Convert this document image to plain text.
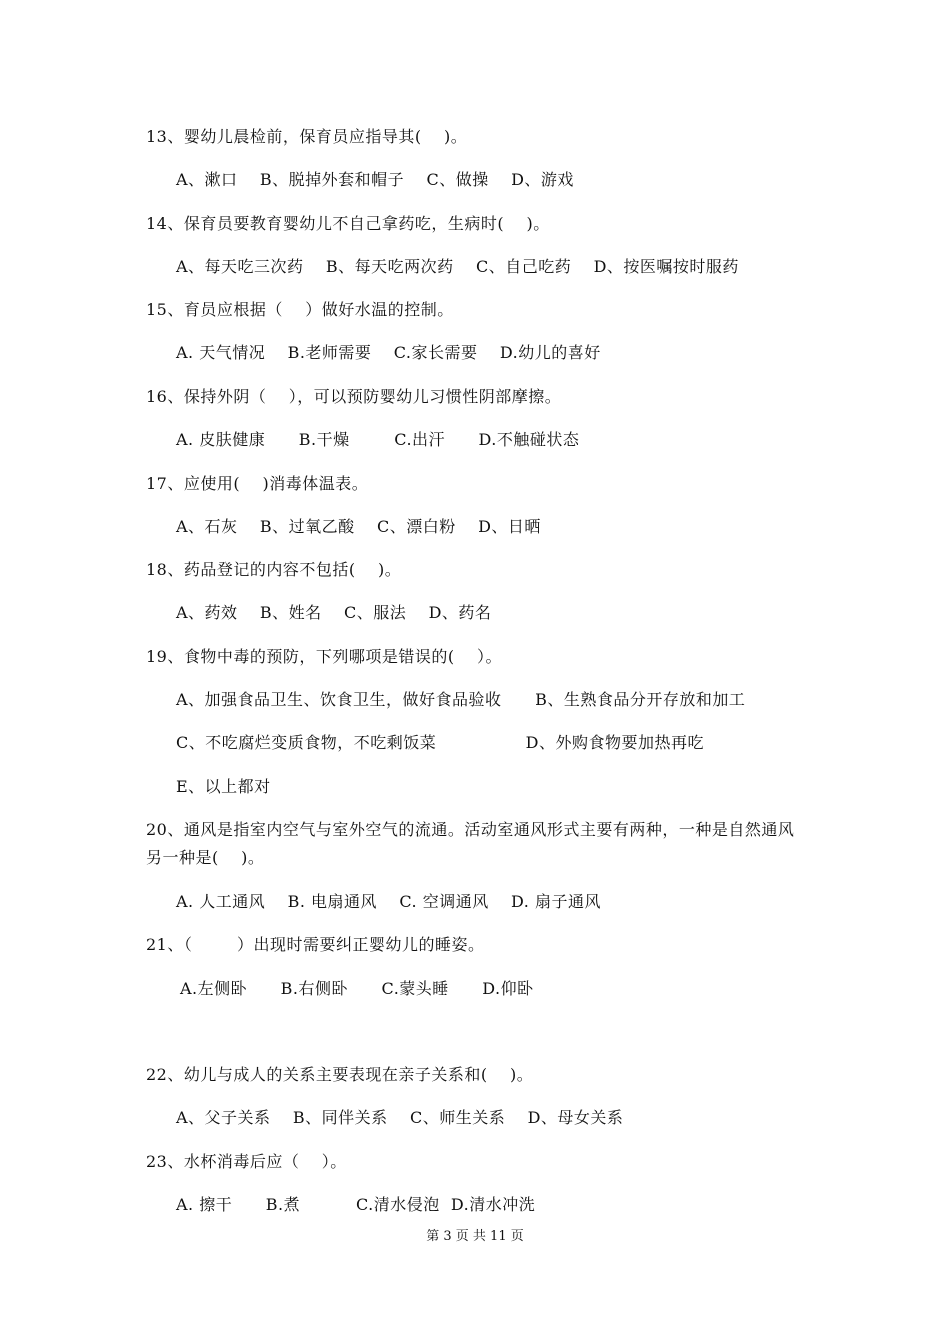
13、婴幼儿晨检前，保育员应指导其(    )。
A、漱口    B、脱掉外套和帽子    C、做操    D、游戏
14、保育员要教育婴幼儿不自己拿药吃，生病时(    )。
A、每天吃三次药    B、每天吃两次药    C、自己吃药    D、按医嘱按时服药
15、育员应根据（    ）做好水温的控制。
A. 天气情况    B.老师需要    C.家长需要    D.幼儿的喜好
16、保持外阴（    ），可以预防婴幼儿习惯性阴部摩擦。
A. 皮肤健康      B.干燥        C.出汗      D.不触碰状态
17、应使用(    )消毒体温表。
A、石灰    B、过氧乙酸    C、漂白粉    D、日晒
18、药品登记的内容不包括(    )。
A、药效    B、姓名    C、服法    D、药名
19、食物中毒的预防，下列哪项是错误的(    ）。
A、加强食品卫生、饮食卫生，做好食品验收      B、生熟食品分开存放和加工
C、不吃腐烂变质食物，不吃剩饭菜                D、外购食物要加热再吃
E、以上都对
20、通风是指室内空气与室外空气的流通。活动室通风形式主要有两种，一种是自然通风
另一种是(    )。
A. 人工通风    B. 电扇通风    C. 空调通风    D. 扇子通风
21、（        ）出现时需要纠正婴幼儿的睡姿。
A.左侧卧      B.右侧卧      C.蒙头睡      D.仰卧
22、幼儿与成人的关系主要表现在亲子关系和(    )。
A、父子关系    B、同伴关系    C、师生关系    D、母女关系
23、水杯消毒后应（    ）。
A. 擦干      B.煮          C.清水侵泡  D.清水冲洗
第 3 页 共 11 页
